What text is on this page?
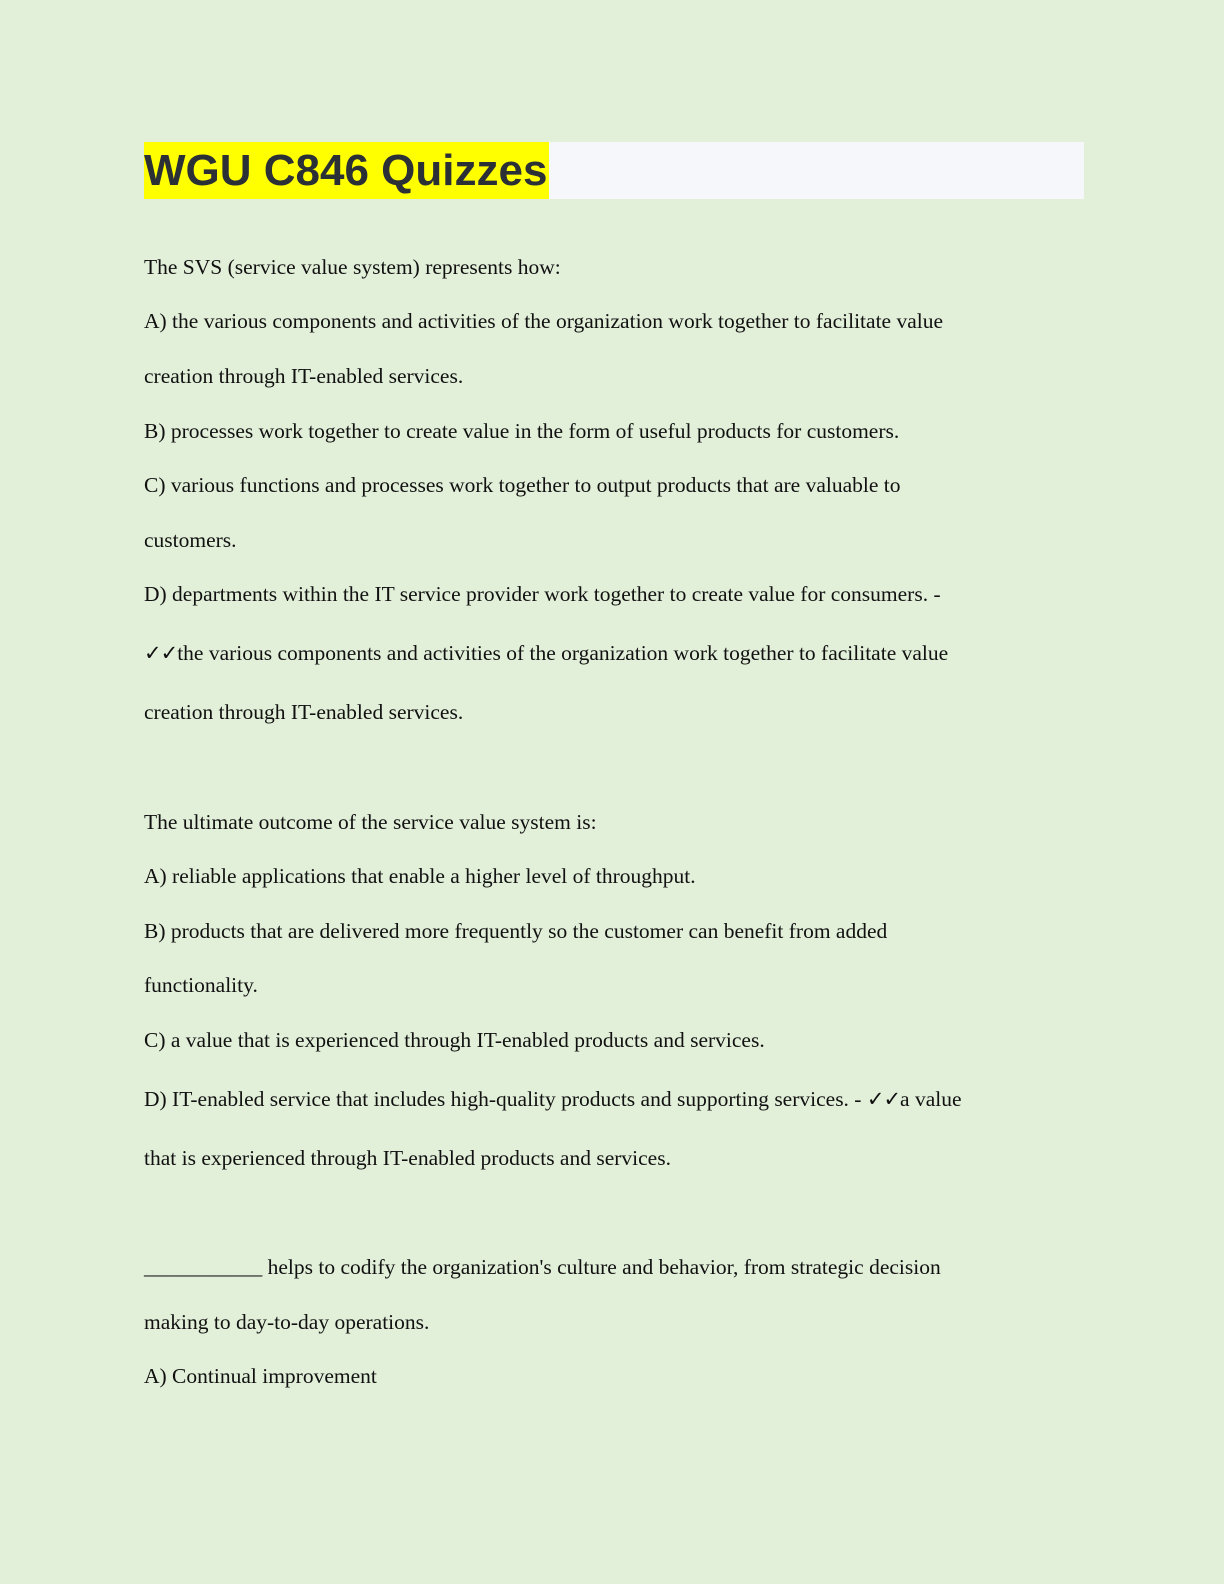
WGU C846 Quizzes
The SVS (service value system) represents how:
A) the various components and activities of the organization work together to facilitate value
creation through IT-enabled services.
B) processes work together to create value in the form of useful products for customers.
C) various functions and processes work together to output products that are valuable to
customers.
D) departments within the IT service provider work together to create value for consumers. -
✓✓the various components and activities of the organization work together to facilitate value
creation through IT-enabled services.
The ultimate outcome of the service value system is:
A) reliable applications that enable a higher level of throughput.
B) products that are delivered more frequently so the customer can benefit from added
functionality.
C) a value that is experienced through IT-enabled products and services.
D) IT-enabled service that includes high-quality products and supporting services. - ✓✓a value
that is experienced through IT-enabled products and services.
___________ helps to codify the organization's culture and behavior, from strategic decision
making to day-to-day operations.
A) Continual improvement
